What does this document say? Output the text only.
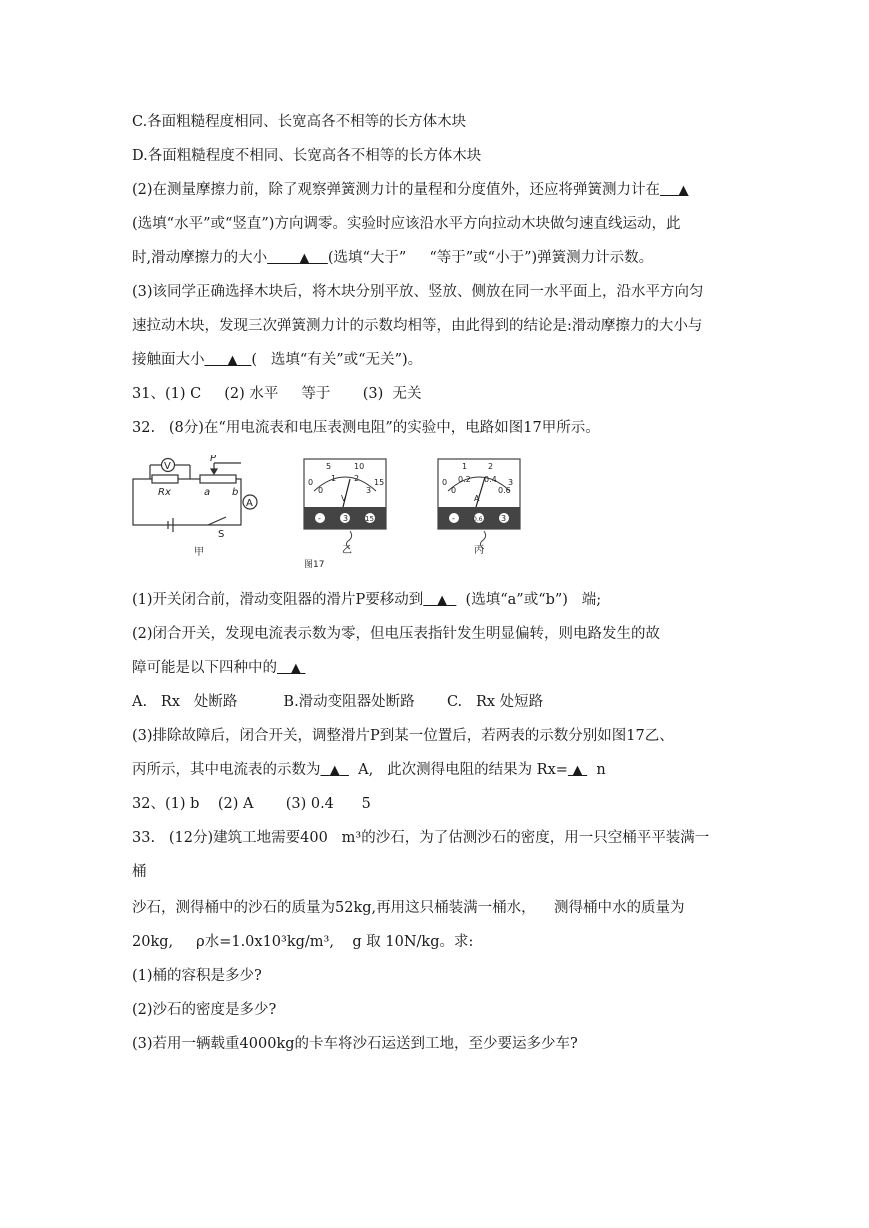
C.各面粗糙程度相同、长宽高各不相等的长方体木块
D.各面粗糙程度不相同、长宽高各不相等的长方体木块
(2)在测量摩擦力前，除了观察弹簧测力计的量程和分度值外，还应将弹簧测力计在 ▲
(选填“水平”或“竖直”)方向调零。实验时应该沿水平方向拉动木块做匀速直线运动，此
时,滑动摩擦力的大小 ▲ (选填“大于”     “等于”或“小于”)弹簧测力计示数。
(3)该同学正确选择木块后，将木块分别平放、竖放、侧放在同一水平面上，沿水平方向匀
速拉动木块，发现三次弹簧测力计的示数均相等，由此得到的结论是:滑动摩擦力的大小与
接触面大小 ▲ (   选填“有关”或“无关”)。
31、(1) C     (2) 水平     等于       (3)  无关
32.   (8分)在“用电流表和电压表测电阻”的实验中，电路如图17甲所示。
V
A
Rx
P
a b
S
甲
0
5	10
15
0
1 2
3
V
-	3 15
乙
图17
0
1	2
3
0
0.2 0.4
0.6
A
-	0.6 3
丙
(1)开关闭合前，滑动变阻器的滑片P要移动到 ▲    (选填“a”或“b”)   端;
(2)闭合开关，发现电流表示数为零，但电压表指针发生明显偏转，则电路发生的故
障可能是以下四种中的 ▲
A.   Rx   处断路          B.滑动变阻器处断路       C.   Rx 处短路
(3)排除故障后，闭合开关，调整滑片P到某一位置后，若两表的示数分别如图17乙、
丙所示，其中电流表的示数为 ▲    A,   此次测得电阻的结果为 Rx= ▲   n
32、(1) b    (2) A       (3) 0.4      5
33.   (12分)建筑工地需要400   m³的沙石，为了估测沙石的密度，用一只空桶平平装满一
桶
沙石，测得桶中的沙石的质量为52kg,再用这只桶装满一桶水，    测得桶中水的质量为
20kg,     ρ水=1.0x10³kg/m³,    g 取 10N/kg。求:
(1)桶的容积是多少?
(2)沙石的密度是多少?
(3)若用一辆载重4000kg的卡车将沙石运送到工地，至少要运多少车?
